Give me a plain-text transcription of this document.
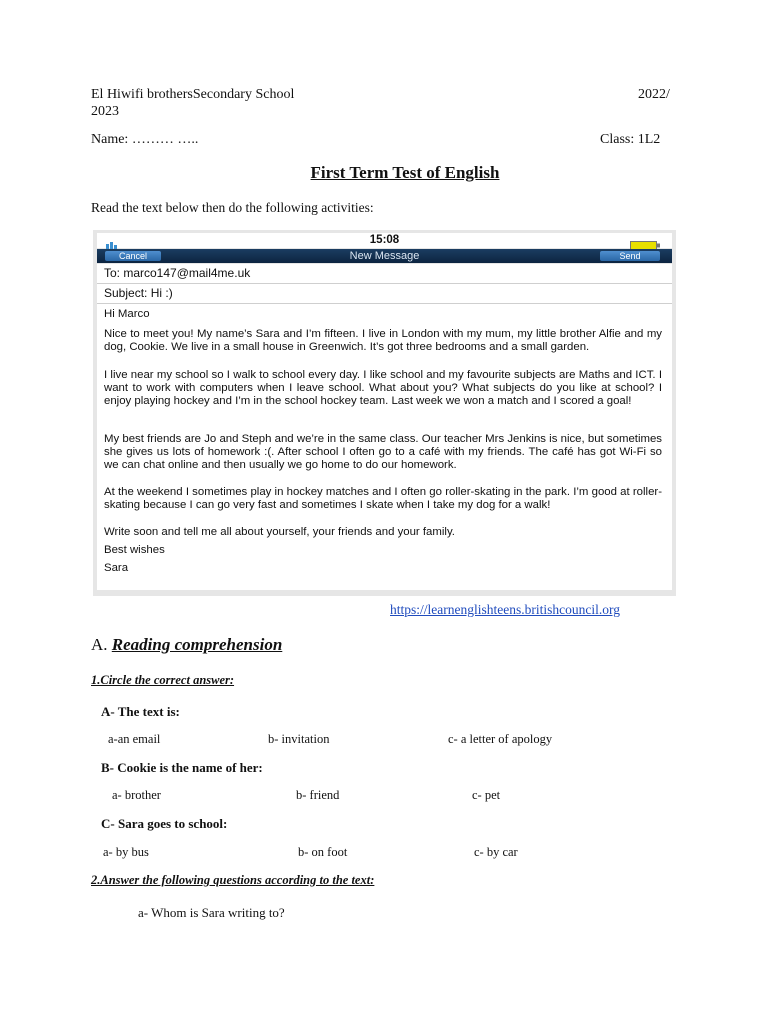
El Hiwifi brothersSecondary School	2022/
2023
Name: ……… …..	Class: 1L2
First Term Test of English
Read the text below then do the following activities:
15:08
Cancel	New Message	Send
To: marco147@mail4me.uk
Subject: Hi :)

Hi Marco

Nice to meet you! My name’s Sara and I’m fifteen. I live in London with my mum, my little brother Alfie and my dog, Cookie. We live in a small house in Greenwich. It’s got three bedrooms and a small garden.

I live near my school so I walk to school every day. I like school and my favourite subjects are Maths and ICT. I want to work with computers when I leave school. What about you? What subjects do you like at school? I enjoy playing hockey and I’m in the school hockey team. Last week we won a match and I scored a goal!

My best friends are Jo and Steph and we’re in the same class. Our teacher Mrs Jenkins is nice, but sometimes she gives us lots of homework :(. After school I often go to a café with my friends. The café has got Wi-Fi so we can chat online and then usually we go home to do our homework.

At the weekend I sometimes play in hockey matches and I often go roller-skating in the park. I’m good at roller-skating because I can go very fast and sometimes I skate when I take my dog for a walk!

Write soon and tell me all about yourself, your friends and your family.

Best wishes

Sara

https://learnenglishteens.britishcouncil.org
A. Reading comprehension
1.Circle the correct answer:
A- The text is:
a-an email	b- invitation	c- a letter of apology
B- Cookie is the name of her:
a- brother	b- friend	c- pet
C- Sara goes to school:
a- by bus	b- on foot	c- by car
2.Answer the following questions according to the text:
a- Whom is Sara writing to?
